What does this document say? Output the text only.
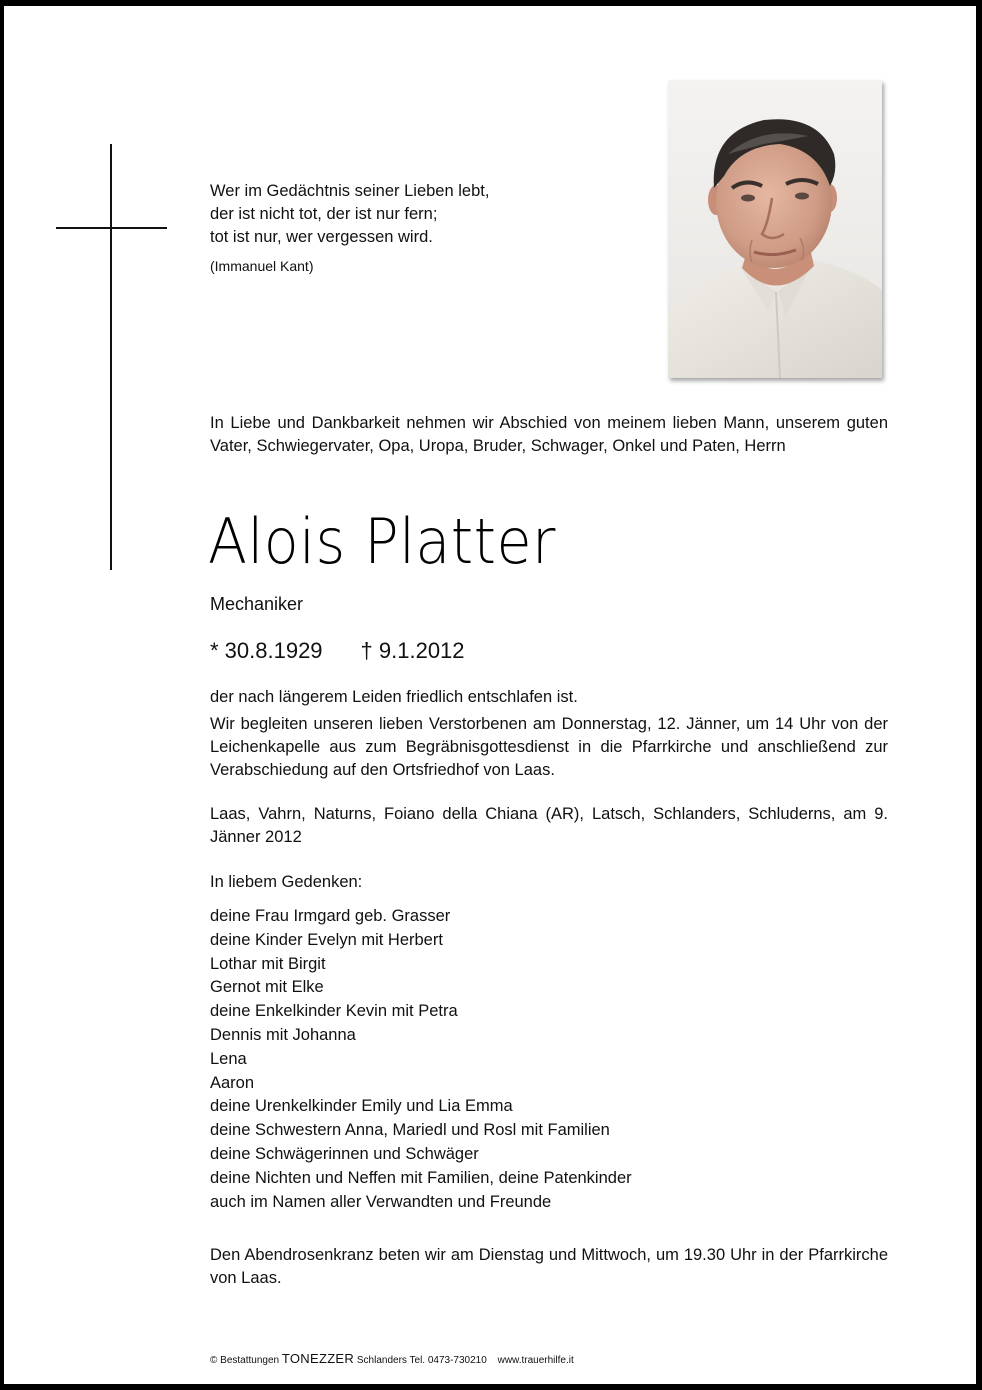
Wer im Gedächtnis seiner Lieben lebt,
der ist nicht tot, der ist nur fern;
tot ist nur, wer vergessen wird.
(Immanuel Kant)
In Liebe und Dankbarkeit nehmen wir Abschied von meinem lieben Mann, unserem guten Vater, Schwiegervater, Opa, Uropa, Bruder, Schwager, Onkel und Paten, Herrn
Alois Platter
Mechaniker
* 30.8.1929 † 9.1.2012
der nach längerem Leiden friedlich entschlafen ist.
Wir begleiten unseren lieben Verstorbenen am Donnerstag, 12. Jänner, um 14 Uhr von der Leichenkapelle aus zum Begräbnisgottesdienst in die Pfarrkirche und anschließend zur Verabschiedung auf den Ortsfriedhof von Laas.
Laas, Vahrn, Naturns, Foiano della Chiana (AR), Latsch, Schlanders, Schluderns, am 9. Jänner 2012
In liebem Gedenken:
deine Frau Irmgard geb. Grasser
deine Kinder Evelyn mit Herbert
Lothar mit Birgit
Gernot mit Elke
deine Enkelkinder Kevin mit Petra
Dennis mit Johanna
Lena
Aaron
deine Urenkelkinder Emily und Lia Emma
deine Schwestern Anna, Mariedl und Rosl mit Familien
deine Schwägerinnen und Schwäger
deine Nichten und Neffen mit Familien, deine Patenkinder
auch im Namen aller Verwandten und Freunde
Den Abendrosenkranz beten wir am Dienstag und Mittwoch, um 19.30 Uhr in der Pfarrkirche von Laas.
© Bestattungen TONEZZER Schlanders Tel. 0473-730210 www.trauerhilfe.it
